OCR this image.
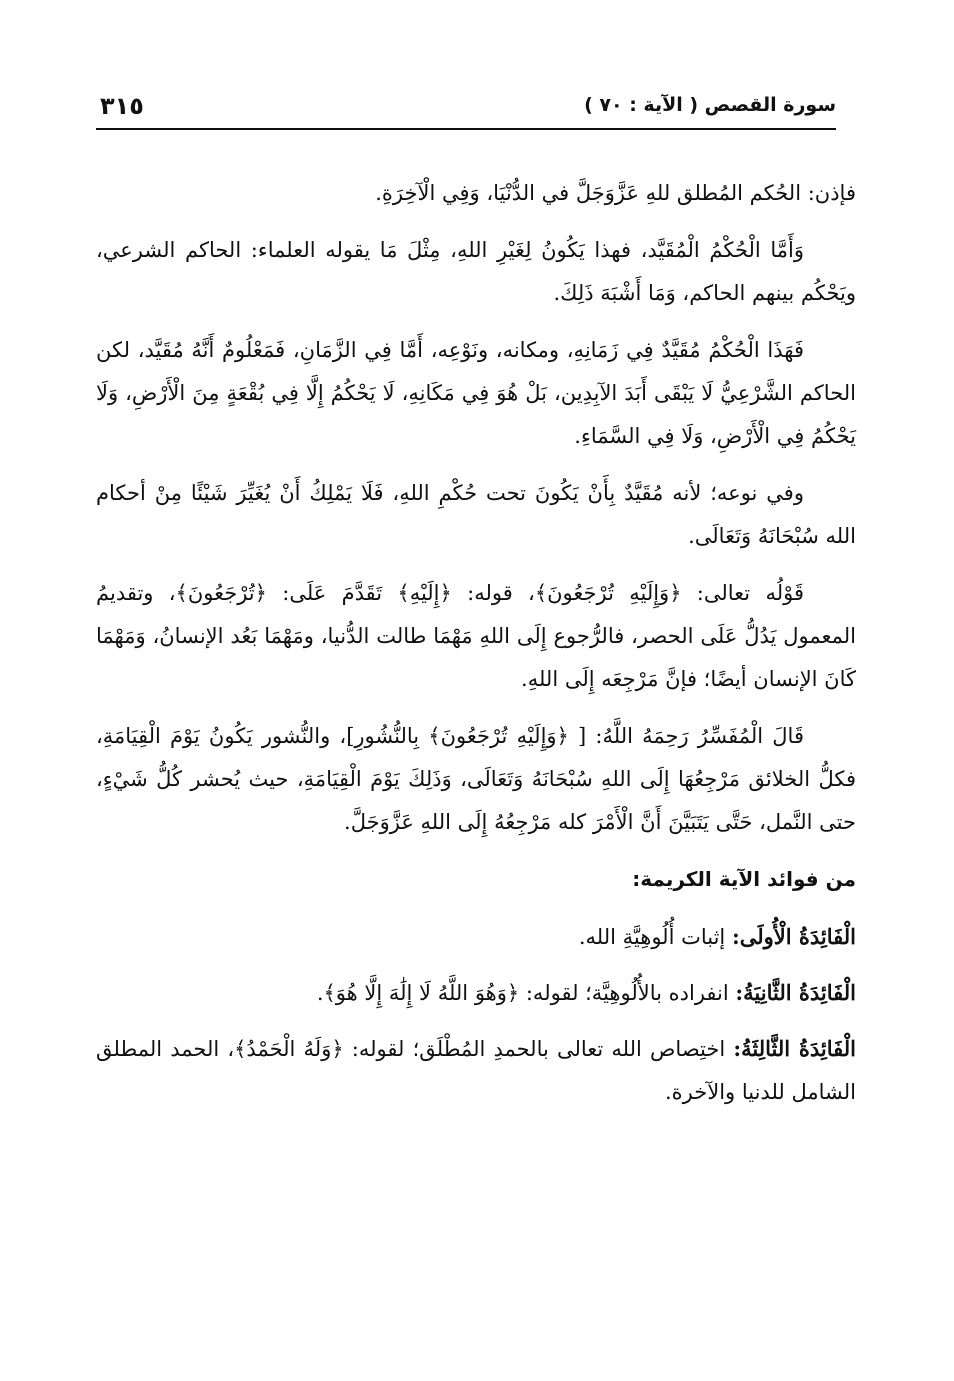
٣١٥	سورة القصص ( الآية : ٧٠ )

فإذن: الحُكم المُطلق للهِ عَزَّوَجَلَّ في الدُّنْيَا، وَفِي الْآخِرَةِ.

وَأَمَّا الْحُكْمُ الْمُقَيَّد، فهذا يَكُونُ لِغَيْرِ اللهِ، مِثْلَ مَا يقوله العلماء: الحاكم الشرعي، ويَحْكُم بينهم الحاكم، وَمَا أَشْبَهَ ذَلِكَ.

فَهَذَا الْحُكْمُ مُقَيَّدٌ فِي زَمَانِهِ، ومكانه، ونَوْعِه، أَمَّا فِي الزَّمَانِ، فَمَعْلُومٌ أَنَّهُ مُقَيَّد، لكن الحاكم الشَّرْعِيُّ لَا يَبْقَى أَبَدَ الآبِدِين، بَلْ هُوَ فِي مَكَانِهِ، لَا يَحْكُمُ إِلَّا فِي بُقْعَةٍ مِنَ الْأَرْضِ، وَلَا يَحْكُمُ فِي الْأَرْضِ، وَلَا فِي السَّمَاءِ.

وفي نوعه؛ لأنه مُقَيَّدٌ بِأَنْ يَكُونَ تحت حُكْمِ اللهِ، فَلَا يَمْلِكُ أَنْ يُغَيِّرَ شَيْئًا مِنْ أحكام الله سُبْحَانَهُ وَتَعَالَى.

قَوْلُه تعالى: ﴿وَإِلَيْهِ تُرْجَعُونَ﴾، قوله: ﴿إِلَيْهِ﴾ تَقَدَّمَ عَلَى: ﴿تُرْجَعُونَ﴾، وتقديمُ المعمول يَدُلُّ عَلَى الحصر، فالرُّجوع إِلَى اللهِ مَهْمَا طالت الدُّنيا، ومَهْمَا بَعُد الإنسانُ، وَمَهْمَا كَانَ الإنسان أيضًا؛ فإنَّ مَرْجِعَه إِلَى اللهِ.

قَالَ الْمُفَسِّرُ رَحِمَهُ اللَّهُ: [ ﴿وَإِلَيْهِ تُرْجَعُونَ﴾ بِالنُّشُورِ]، والنُّشور يَكُونُ يَوْمَ الْقِيَامَةِ، فكلُّ الخلائق مَرْجِعُهَا إِلَى اللهِ سُبْحَانَهُ وَتَعَالَى، وَذَلِكَ يَوْمَ الْقِيَامَةِ، حيث يُحشر كُلُّ شَيْءٍ، حتى النَّمل، حَتَّى يَتَبَيَّنَ أَنَّ الْأَمْرَ كله مَرْجِعُهُ إِلَى اللهِ عَزَّوَجَلَّ.

من فوائد الآية الكريمة:

الْفَائِدَةُ الْأُولَى: إثبات أُلُوهِيَّةِ الله.

الْفَائِدَةُ الثَّانِيَةُ: انفراده بالأُلُوهِيَّة؛ لقوله: ﴿وَهُوَ اللَّهُ لَا إِلَٰهَ إِلَّا هُوَ﴾.

الْفَائِدَةُ الثَّالِثَةُ: اختِصاص الله تعالى بالحمدِ المُطْلَق؛ لقوله: ﴿وَلَهُ الْحَمْدُ﴾، الحمد المطلق الشامل للدنيا والآخرة.
